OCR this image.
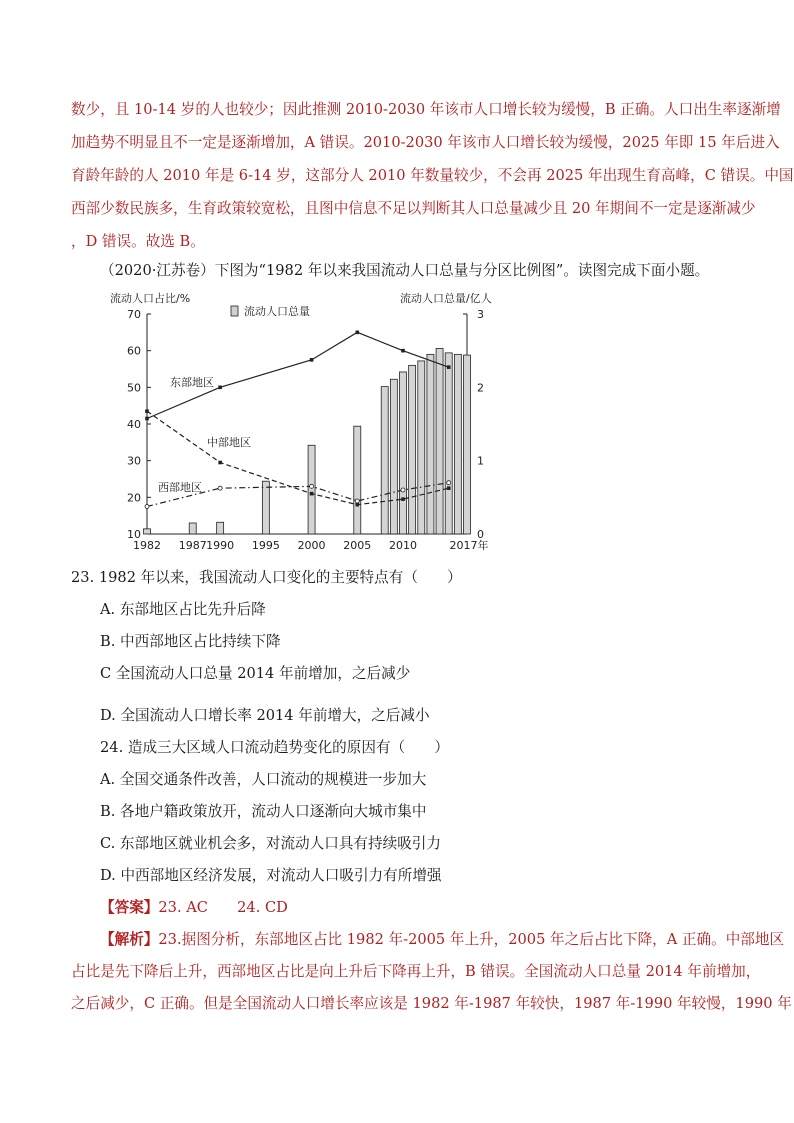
数少，且 10-14 岁的人也较少；因此推测 2010-2030 年该市人口增长较为缓慢，B 正确。人口出生率逐渐增
加趋势不明显且不一定是逐渐增加，A 错误。2010-2030 年该市人口增长较为缓慢，2025 年即 15 年后进入
育龄年龄的人 2010 年是 6-14 岁，这部分人 2010 年数量较少，不会再 2025 年出现生育高峰，C 错误。中国
西部少数民族多，生育政策较宽松，且图中信息不足以判断其人口总量减少且 20 年期间不一定是逐渐减少
，D 错误。故选 B。
（2020·江苏卷）下图为“1982 年以来我国流动人口总量与分区比例图”。读图完成下面小题。
10
20
30
40
50
60
70
0
1
2
3
1982 1987 1990 1995 2000 2005 2010	2017年
流动人口占比/%	流动人口总量/亿人
流动人口总量
东部地区
中部地区
西部地区
23. 1982 年以来，我国流动人口变化的主要特点有（　　）
A. 东部地区占比先升后降
B. 中西部地区占比持续下降
C 全国流动人口总量 2014 年前增加，之后减少
D. 全国流动人口增长率 2014 年前增大，之后减小
24. 造成三大区域人口流动趋势变化的原因有（　　）
A. 全国交通条件改善，人口流动的规模进一步加大
B. 各地户籍政策放开，流动人口逐渐向大城市集中
C. 东部地区就业机会多，对流动人口具有持续吸引力
D. 中西部地区经济发展，对流动人口吸引力有所增强
【答案】23. AC　　24. CD
【解析】23.据图分析，东部地区占比 1982 年-2005 年上升，2005 年之后占比下降，A 正确。中部地区
占比是先下降后上升，西部地区占比是向上升后下降再上升，B 错误。全国流动人口总量 2014 年前增加，
之后减少，C 正确。但是全国流动人口增长率应该是 1982 年-1987 年较快，1987 年-1990 年较慢，1990 年
